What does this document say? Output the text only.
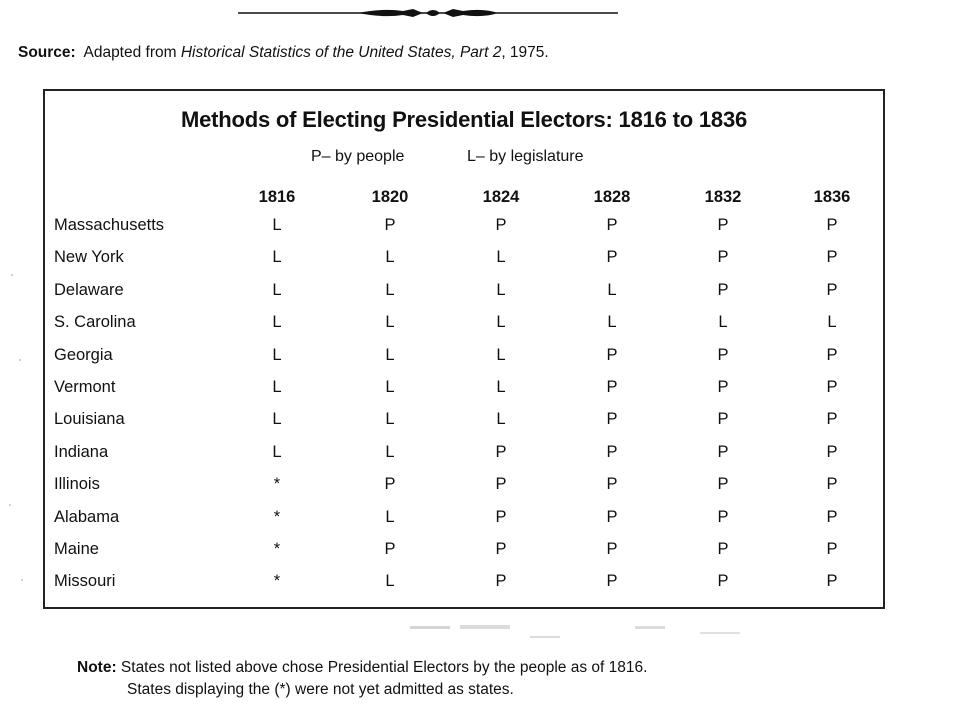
Source: Adapted from Historical Statistics of the United States, Part 2, 1975.
Methods of Electing Presidential Electors: 1816 to 1836
P– by people	L– by legislature
1816	1820	1824	1828	1832	1836
Massachusetts	L	P	P	P	P	P
New York	L	L	L	P	P	P
Delaware	L	L	L	L	P	P
S. Carolina	L	L	L	L	L	L
Georgia	L	L	L	P	P	P
Vermont	L	L	L	P	P	P
Louisiana	L	L	L	P	P	P
Indiana	L	L	P	P	P	P
Illinois	*	P	P	P	P	P
Alabama	*	L	P	P	P	P
Maine	*	P	P	P	P	P
Missouri	*	L	P	P	P	P
Note: States not listed above chose Presidential Electors by the people as of 1816.
States displaying the (*) were not yet admitted as states.
